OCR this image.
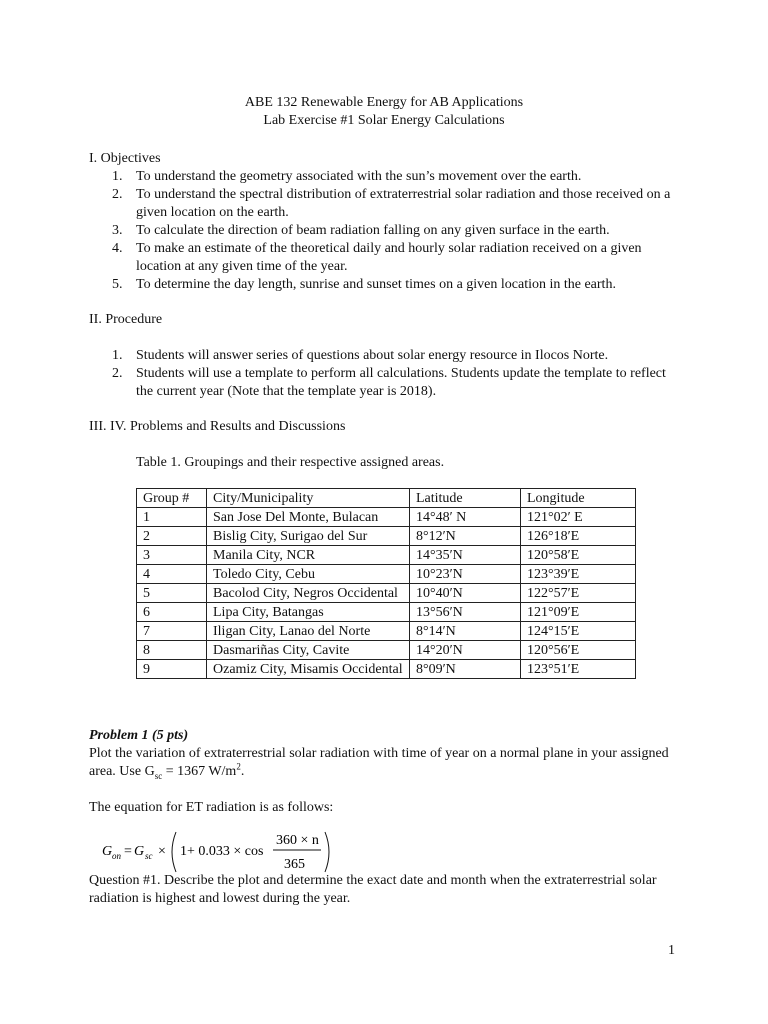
ABE 132 Renewable Energy for AB Applications
Lab Exercise #1 Solar Energy Calculations
I. Objectives
1. To understand the geometry associated with the sun’s movement over the earth.
2. To understand the spectral distribution of extraterrestrial solar radiation and those received on a given location on the earth.
3. To calculate the direction of beam radiation falling on any given surface in the earth.
4. To make an estimate of the theoretical daily and hourly solar radiation received on a given location at any given time of the year.
5. To determine the day length, sunrise and sunset times on a given location in the earth.
II. Procedure
1. Students will answer series of questions about solar energy resource in Ilocos Norte.
2. Students will use a template to perform all calculations. Students update the template to reflect the current year (Note that the template year is 2018).
III. IV. Problems and Results and Discussions
Table 1. Groupings and their respective assigned areas.
Group #	City/Municipality	Latitude	Longitude
1	San Jose Del Monte, Bulacan	14°48′ N	121°02′ E
2	Bislig City, Surigao del Sur	8°12′N	126°18′E
3	Manila City, NCR	14°35′N	120°58′E
4	Toledo City, Cebu	10°23′N	123°39′E
5	Bacolod City, Negros Occidental	10°40′N	122°57′E
6	Lipa City, Batangas	13°56′N	121°09′E
7	Iligan City, Lanao del Norte	8°14′N	124°15′E
8	Dasmariñas City, Cavite	14°20′N	120°56′E
9	Ozamiz City, Misamis Occidental	8°09′N	123°51′E
Problem 1 (5 pts)
Plot the variation of extraterrestrial solar radiation with time of year on a normal plane in your assigned area. Use $G_{sc} = 1367$ $W/m^2$.
The equation for ET radiation is as follows:
G on = G sc × 1+ 0.033 × cos
360 × n
365
Question #1. Describe the plot and determine the exact date and month when the extraterrestrial solar radiation is highest and lowest during the year.
1
